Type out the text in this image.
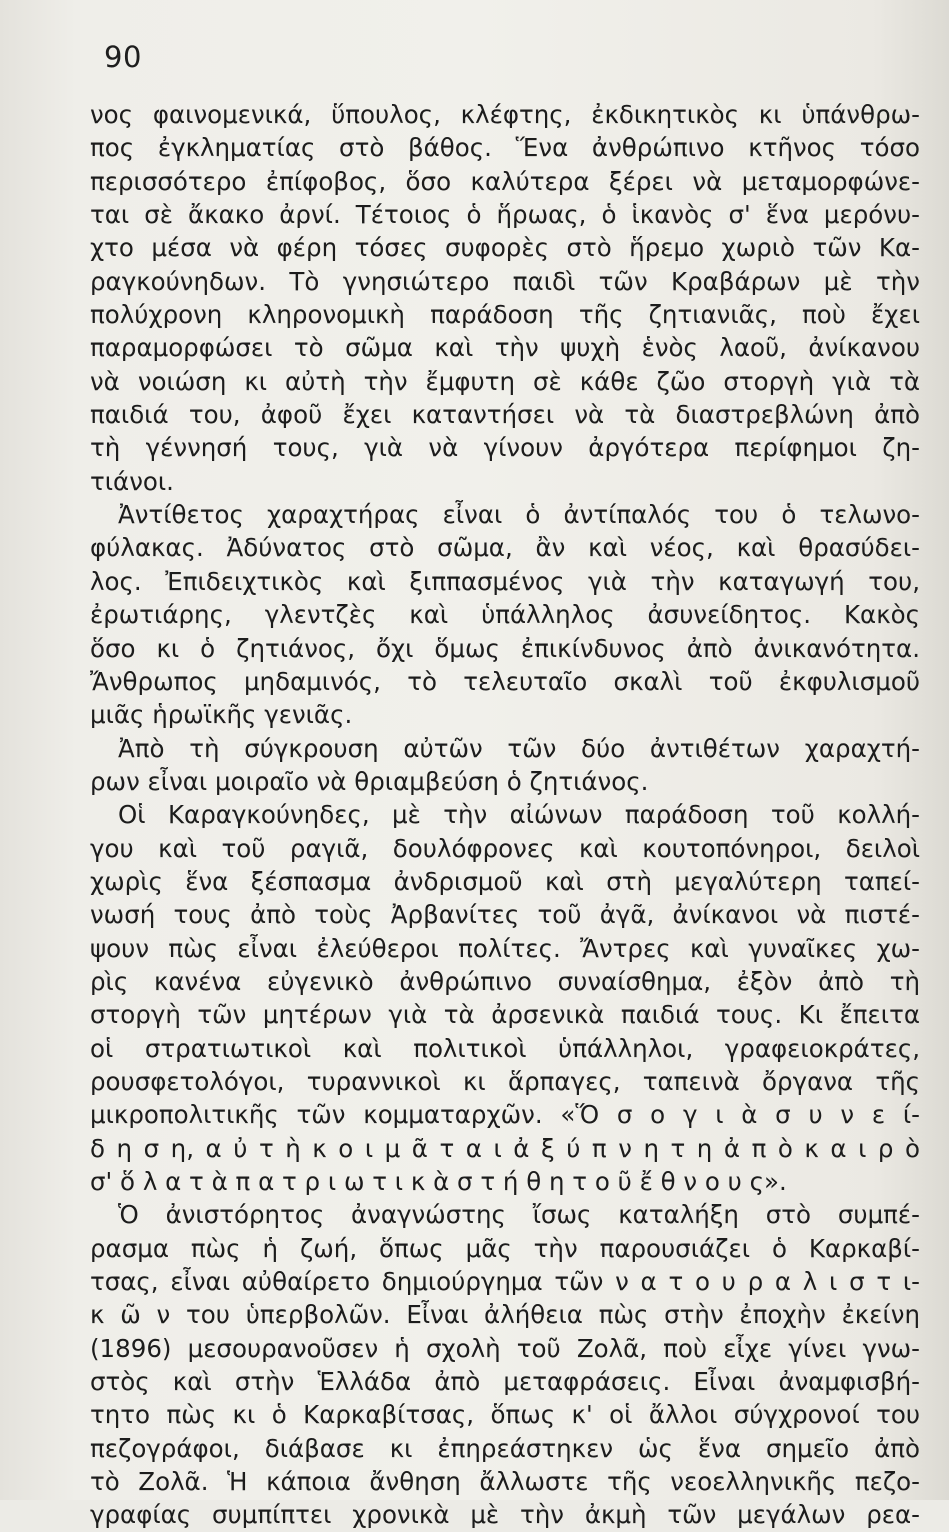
90
νος φαινομενικά, ὕπουλος, κλέφτης, ἐκδικητικὸς κι ὑπάνθρω-
πος ἐγκληματίας στὸ βάθος. Ἕνα ἀνθρώπινο κτῆνος τόσο
περισσότερο ἐπίφοβος, ὅσο καλύτερα ξέρει νὰ μεταμορφώνε-
ται σὲ ἄκακο ἀρνί. Τέτοιος ὁ ἥρωας, ὁ ἱκανὸς σ' ἕνα μερόνυ-
χτο μέσα νὰ φέρη τόσες συφορὲς στὸ ἥρεμο χωριὸ τῶν Κα-
ραγκούνηδων. Τὸ γνησιώτερο παιδὶ τῶν Κραβάρων μὲ τὴν
πολύχρονη κληρονομικὴ παράδοση τῆς ζητιανιᾶς, ποὺ ἔχει
παραμορφώσει τὸ σῶμα καὶ τὴν ψυχὴ ἑνὸς λαοῦ, ἀνίκανου
νὰ νοιώση κι αὐτὴ τὴν ἔμφυτη σὲ κάθε ζῶο στοργὴ γιὰ τὰ
παιδιά του, ἀφοῦ ἔχει καταντήσει νὰ τὰ διαστρεβλώνη ἀπὸ
τὴ γέννησή τους, γιὰ νὰ γίνουν ἀργότερα περίφημοι ζη-
τιάνοι.
Ἀντίθετος χαραχτήρας εἶναι ὁ ἀντίπαλός του ὁ τελωνο-
φύλακας. Ἀδύνατος στὸ σῶμα, ἂν καὶ νέος, καὶ θρασύδει-
λος. Ἐπιδειχτικὸς καὶ ξιππασμένος γιὰ τὴν καταγωγή του,
ἐρωτιάρης, γλεντζὲς καὶ ὑπάλληλος ἀσυνείδητος. Κακὸς
ὅσο κι ὁ ζητιάνος, ὄχι ὅμως ἐπικίνδυνος ἀπὸ ἀνικανότητα.
Ἄνθρωπος μηδαμινός, τὸ τελευταῖο σκαλὶ τοῦ ἐκφυλισμοῦ
μιᾶς ἡρωϊκῆς γενιᾶς.
Ἀπὸ τὴ σύγκρουση αὐτῶν τῶν δύο ἀντιθέτων χαραχτή-
ρων εἶναι μοιραῖο νὰ θριαμβεύση ὁ ζητιάνος.
Οἱ Καραγκούνηδες, μὲ τὴν αἰώνων παράδοση τοῦ κολλή-
γου καὶ τοῦ ραγιᾶ, δουλόφρονες καὶ κουτοπόνηροι, δειλοὶ
χωρὶς ἕνα ξέσπασμα ἀνδρισμοῦ καὶ στὴ μεγαλύτερη ταπεί-
νωσή τους ἀπὸ τοὺς Ἀρβανίτες τοῦ ἀγᾶ, ἀνίκανοι νὰ πιστέ-
ψουν πὼς εἶναι ἐλεύθεροι πολίτες. Ἄντρες καὶ γυναῖκες χω-
ρὶς κανένα εὐγενικὸ ἀνθρώπινο συναίσθημα, ἐξὸν ἀπὸ τὴ
στοργὴ τῶν μητέρων γιὰ τὰ ἀρσενικὰ παιδιά τους. Κι ἔπειτα
οἱ στρατιωτικοὶ καὶ πολιτικοὶ ὑπάλληλοι, γραφειοκράτες,
ρουσφετολόγοι, τυραννικοὶ κι ἅρπαγες, ταπεινὰ ὄργανα τῆς
μικροπολιτικῆς τῶν κομματαρχῶν. «Ὅ σ ο γ ι ὰ σ υ ν ε ί-
δ η σ η, α ὐ τ ὴ κ ο ι μ ᾶ τ α ι ἀ ξ ύ π ν η τ η ἀ π ὸ κ α ι ρ ὸ
σ' ὅ λ α τ ὰ π α τ ρ ι ω τ ι κ ὰ σ τ ή θ η τ ο ῦ ἔ θ ν ο υ ς».
Ὁ ἀνιστόρητος ἀναγνώστης ἴσως καταλήξη στὸ συμπέ-
ρασμα πὼς ἡ ζωή, ὅπως μᾶς τὴν παρουσιάζει ὁ Καρκαβί-
τσας, εἶναι αὐθαίρετο δημιούργημα τῶν ν α τ ο υ ρ α λ ι σ τ ι-
κ ῶ ν του ὑπερβολῶν. Εἶναι ἀλήθεια πὼς στὴν ἐποχὴν ἐκείνη
(1896) μεσουρανοῦσεν ἡ σχολὴ τοῦ Ζολᾶ, ποὺ εἶχε γίνει γνω-
στὸς καὶ στὴν Ἑλλάδα ἀπὸ μεταφράσεις. Εἶναι ἀναμφισβή-
τητο πὼς κι ὁ Καρκαβίτσας, ὅπως κ' οἱ ἄλλοι σύγχρονοί του
πεζογράφοι, διάβασε κι ἐπηρεάστηκεν ὡς ἕνα σημεῖο ἀπὸ
τὸ Ζολᾶ. Ἡ κάποια ἄνθηση ἄλλωστε τῆς νεοελληνικῆς πεζο-
γραφίας συμπίπτει χρονικὰ μὲ τὴν ἀκμὴ τῶν μεγάλων ρεα-
